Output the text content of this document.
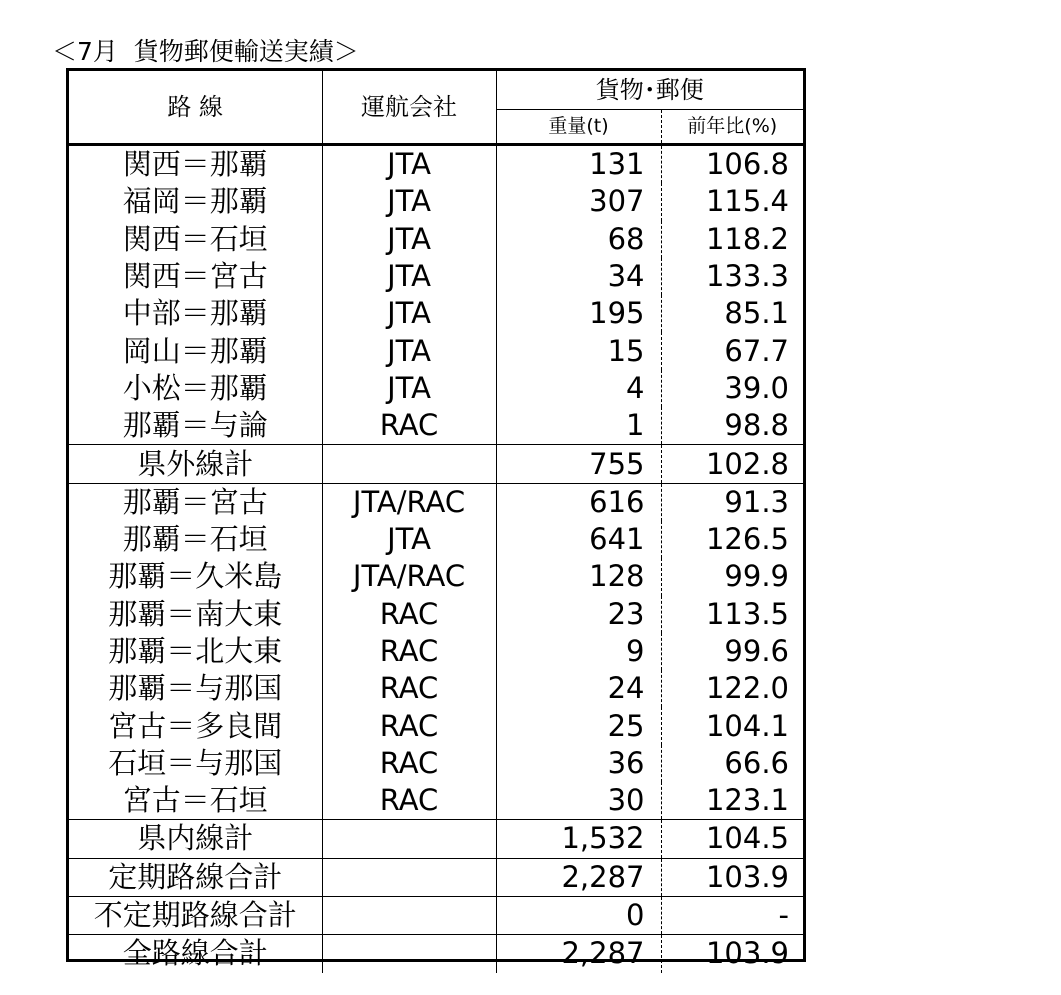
＜7月  貨物郵便輸送実績＞
路 線	運航会社	貨物･郵便	
		重量(t)	前年比(%)
関西＝那覇	JTA	131	106.8
福岡＝那覇	JTA	307	115.4
関西＝石垣	JTA	68	118.2
関西＝宮古	JTA	34	133.3
中部＝那覇	JTA	195	85.1
岡山＝那覇	JTA	15	67.7
小松＝那覇	JTA	4	39.0
那覇＝与論	RAC	1	98.8
県外線計		755	102.8
那覇＝宮古	JTA/RAC	616	91.3
那覇＝石垣	JTA	641	126.5
那覇＝久米島	JTA/RAC	128	99.9
那覇＝南大東	RAC	23	113.5
那覇＝北大東	RAC	9	99.6
那覇＝与那国	RAC	24	122.0
宮古＝多良間	RAC	25	104.1
石垣＝与那国	RAC	36	66.6
宮古＝石垣	RAC	30	123.1
県内線計		1,532	104.5
定期路線合計		2,287	103.9
不定期路線合計		0	-
全路線合計		2,287	103.9
